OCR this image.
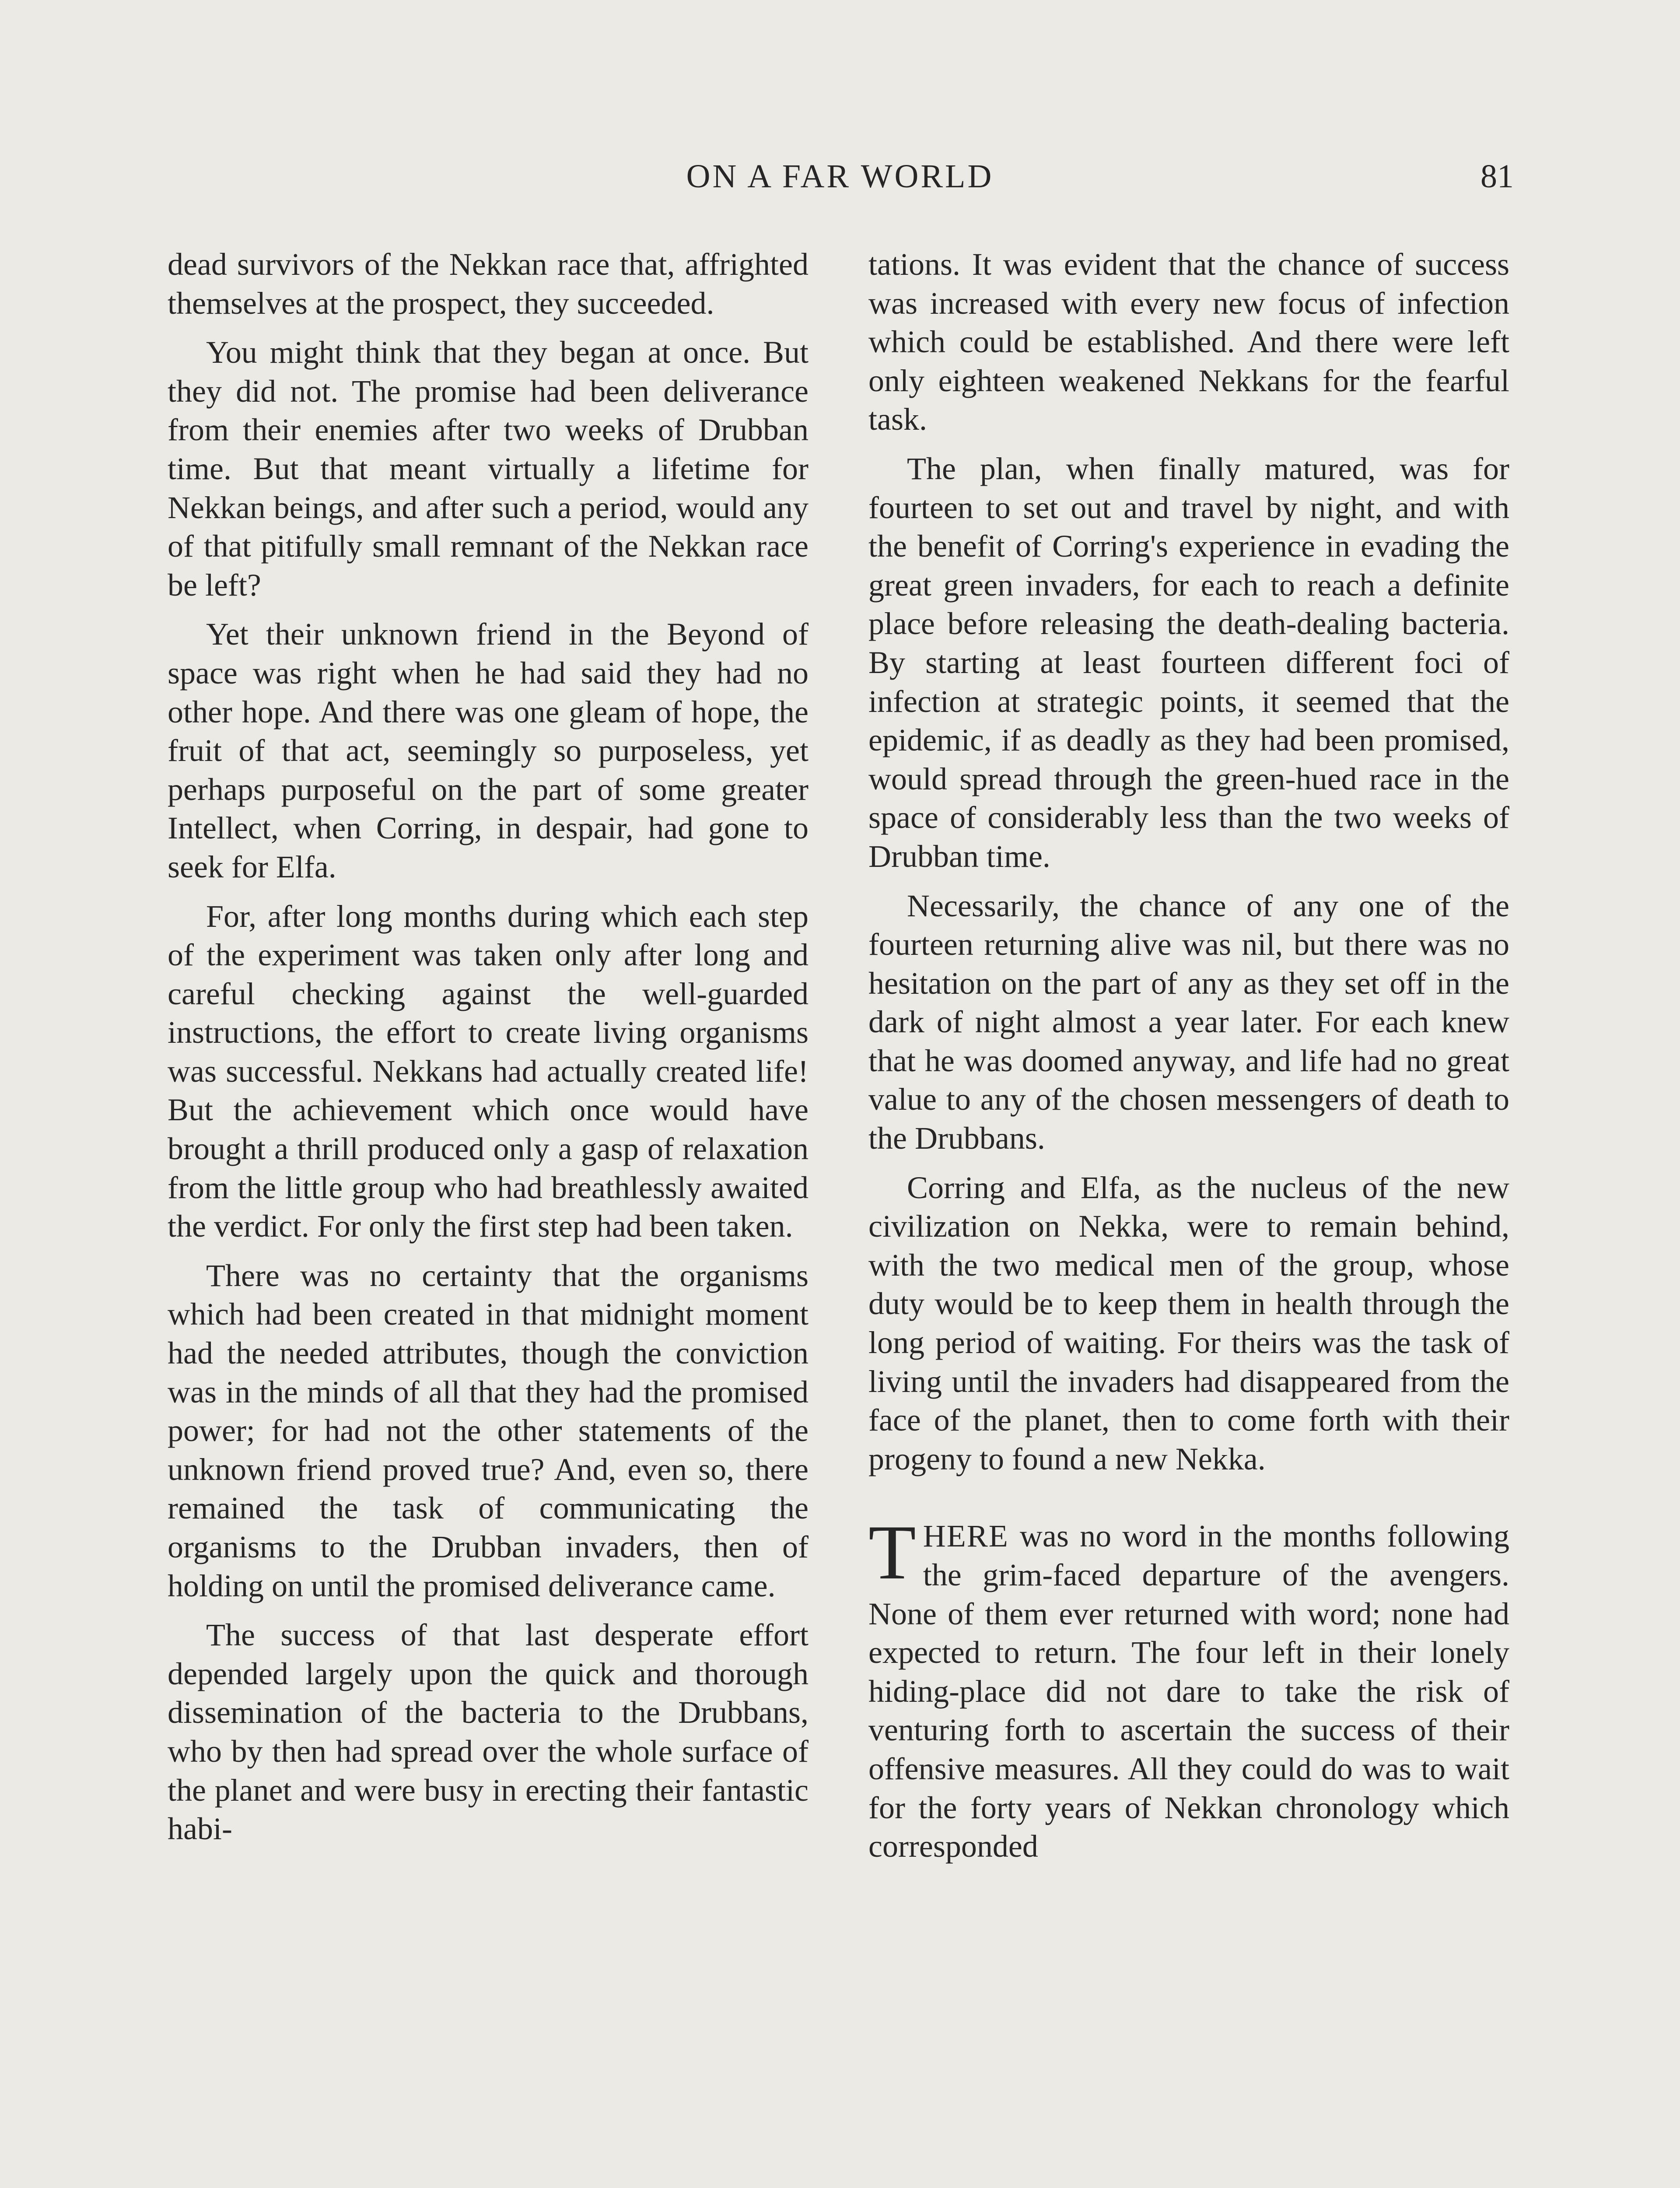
ON A FAR WORLD	81

dead survivors of the Nekkan race that, affrighted themselves at the prospect, they succeeded.

You might think that they began at once. But they did not. The promise had been deliverance from their enemies after two weeks of Drubban time. But that meant virtually a lifetime for Nekkan beings, and after such a period, would any of that pitifully small remnant of the Nekkan race be left?

Yet their unknown friend in the Beyond of space was right when he had said they had no other hope. And there was one gleam of hope, the fruit of that act, seemingly so purposeless, yet perhaps purposeful on the part of some greater Intellect, when Corring, in despair, had gone to seek for Elfa.

For, after long months during which each step of the experiment was taken only after long and careful checking against the well-guarded instructions, the effort to create living organisms was successful. Nekkans had actually created life! But the achievement which once would have brought a thrill produced only a gasp of relaxation from the little group who had breathlessly awaited the verdict. For only the first step had been taken.

There was no certainty that the organisms which had been created in that midnight moment had the needed attributes, though the conviction was in the minds of all that they had the promised power; for had not the other statements of the unknown friend proved true? And, even so, there remained the task of communicating the organisms to the Drubban invaders, then of holding on until the promised deliverance came.

The success of that last desperate effort depended largely upon the quick and thorough dissemination of the bacteria to the Drubbans, who by then had spread over the whole surface of the planet and were busy in erecting their fantastic habi-

tations. It was evident that the chance of success was increased with every new focus of infection which could be established. And there were left only eighteen weakened Nekkans for the fearful task.

The plan, when finally matured, was for fourteen to set out and travel by night, and with the benefit of Corring's experience in evading the great green invaders, for each to reach a definite place before releasing the death-dealing bacteria. By starting at least fourteen different foci of infection at strategic points, it seemed that the epidemic, if as deadly as they had been promised, would spread through the green-hued race in the space of considerably less than the two weeks of Drubban time.

Necessarily, the chance of any one of the fourteen returning alive was nil, but there was no hesitation on the part of any as they set off in the dark of night almost a year later. For each knew that he was doomed anyway, and life had no great value to any of the chosen messengers of death to the Drubbans.

Corring and Elfa, as the nucleus of the new civilization on Nekka, were to remain behind, with the two medical men of the group, whose duty would be to keep them in health through the long period of waiting. For theirs was the task of living until the invaders had disappeared from the face of the planet, then to come forth with their progeny to found a new Nekka.

THERE was no word in the months following the grim-faced departure of the avengers. None of them ever returned with word; none had expected to return. The four left in their lonely hiding-place did not dare to take the risk of venturing forth to ascertain the success of their offensive measures. All they could do was to wait for the forty years of Nekkan chronology which corresponded
